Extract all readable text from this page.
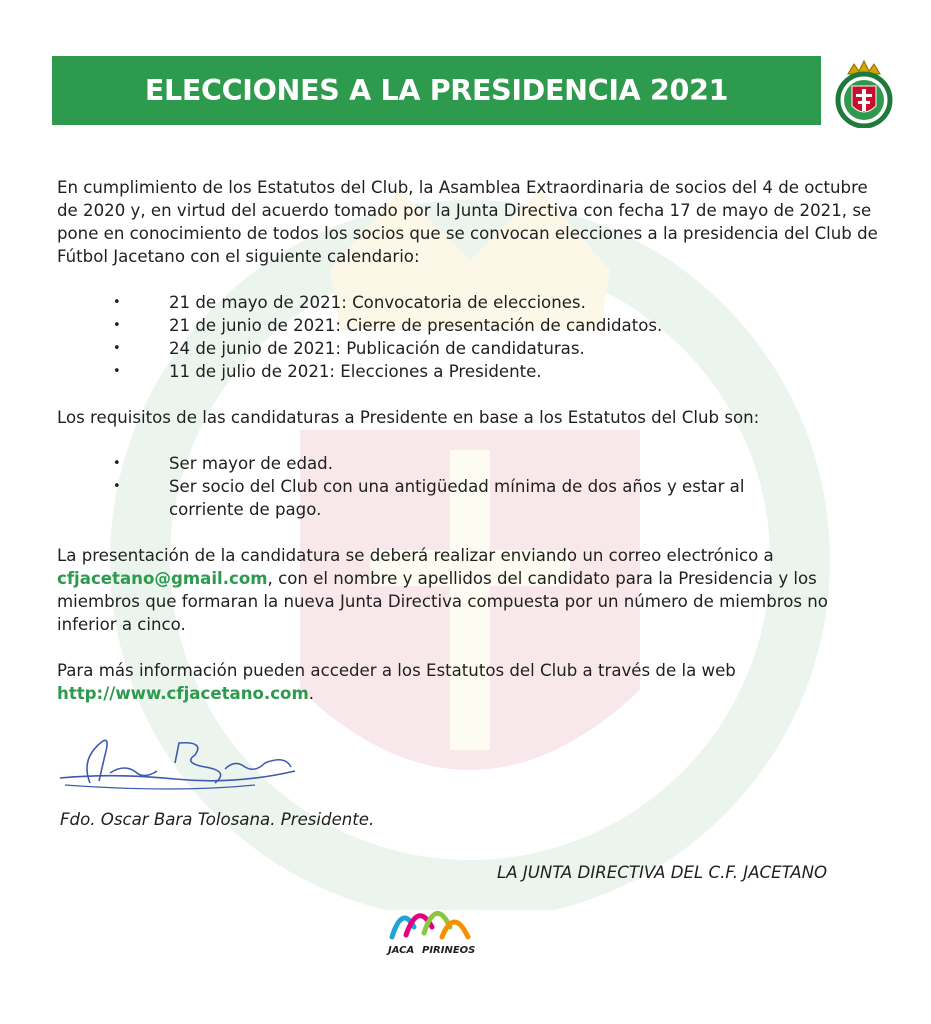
ELECCIONES A LA PRESIDENCIA 2021

En cumplimiento de los Estatutos del Club, la Asamblea Extraordinaria de socios del 4 de octubre de 2020 y, en virtud del acuerdo tomado por la Junta Directiva con fecha 17 de mayo de 2021, se pone en conocimiento de todos los socios que se convocan elecciones a la presidencia del Club de Fútbol Jacetano con el siguiente calendario:

•	21 de mayo de 2021: Convocatoria de elecciones.
•	21 de junio de 2021: Cierre de presentación de candidatos.
•	24 de junio de 2021: Publicación de candidaturas.
•	11 de julio de 2021: Elecciones a Presidente.

Los requisitos de las candidaturas a Presidente en base a los Estatutos del Club son:

•	Ser mayor de edad.
•	Ser socio del Club con una antigüedad mínima de dos años y estar al corriente de pago.

La presentación de la candidatura se deberá realizar enviando un correo electrónico a cfjacetano@gmail.com, con el nombre y apellidos del candidato para la Presidencia y los miembros que formaran la nueva Junta Directiva compuesta por un número de miembros no inferior a cinco.

Para más información pueden acceder a los Estatutos del Club a través de la web http://www.cfjacetano.com.

Fdo. Oscar Bara Tolosana. Presidente.
LA JUNTA DIRECTIVA DEL C.F. JACETANO
JACA PIRINEOS
